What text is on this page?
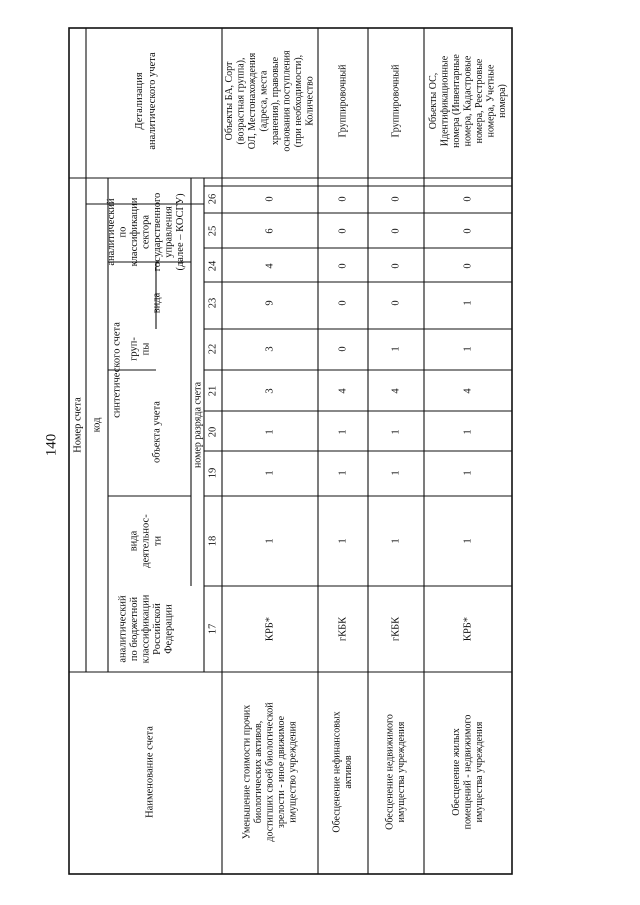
140
Наименование счета
Номер счета код
аналитический по бюджетной классификации Российской Федерации
вида деятельнос- ти
синтетического счета
объекта учета
груп- пы
вида
аналитический по классификации сектора государственного управления (далее – КОСГУ)
номер разряда счета
Детализация аналитического учета
17
18
19
20
21
22
23
24
25
26
Уменьшение стоимости прочих биологических активов, достигших своей биологической зрелости - иное движимое имущество учреждения
КРБ*
1
1
1
3
3
9
4
6
0
Объекты БА, Сорт (возрастная группа), ОЛ, Местонахождения (адреса, места хранения), правовые основания поступления (при необходимости), Количество
Обесценение нефинансовых активов
гКБК
1
1
1
4
0
0
0
0
0
Группировочный
Обесценение недвижимого имущества учреждения
гКБК
1
1
1
4
1
0
0
0
0
Группировочный
Обесценение жилых помещений - недвижимого имущества учреждения
КРБ*
1
1
1
4
1
1
0
0
0
Объекты ОС, Идентификационные номера (Инвентарные номера, Кадастровые номера, Реестровые номера, Учетные номера)
